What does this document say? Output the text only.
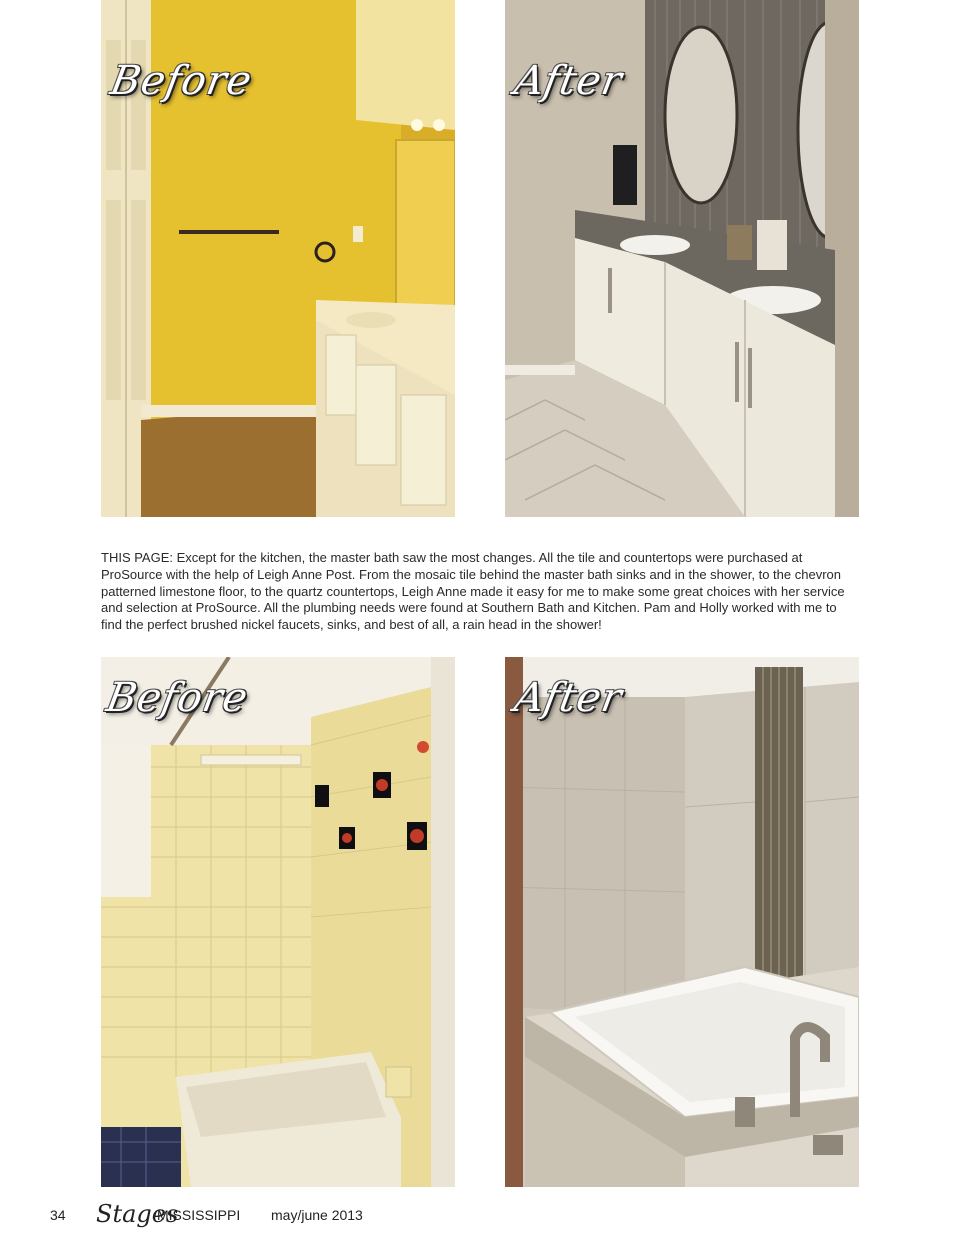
Before	After
THIS PAGE: Except for the kitchen, the master bath saw the most changes. All the tile and countertops were purchased at ProSource with the help of Leigh Anne Post. From the mosaic tile behind the master bath sinks and in the shower, to the chevron patterned limestone floor, to the quartz countertops, Leigh Anne made it easy for me to make some great choices with her service and selection at ProSource. All the plumbing needs were found at Southern Bath and Kitchen. Pam and Holly worked with me to find the perfect brushed nickel faucets, sinks, and best of all, a rain head in the shower!
Before	After
34 Stages
MISSISSIPPI may/june 2013
